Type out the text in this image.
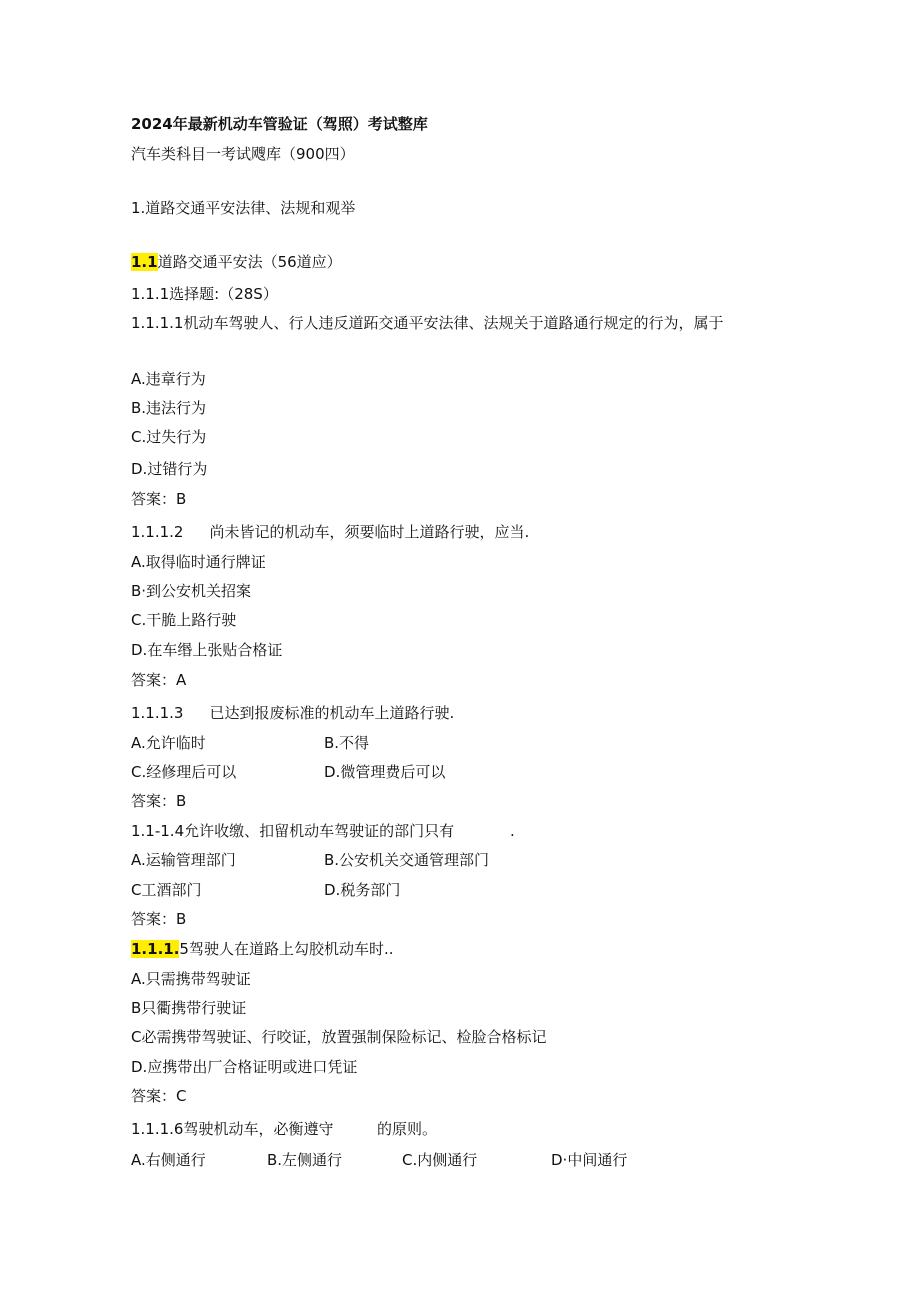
2024年最新机动车管验证（驾照）考试整库
汽车类科目一考试飕库（900四）
1.道路交通平安法律、法规和观举
1.1道路交通平安法（56道应）
1.1.1选择题:（28S）
1.1.1.1机动车驾驶人、行人违反道跖交通平安法律、法规关于道路通行规定的行为，属于
A.违章行为
B.违法行为
C.过失行为
D.过错行为
答案：B
1.1.1.2 尚未皆记的机动车，须要临时上道路行驶，应当.
A.取得临时通行牌证
B·到公安机关招案
C.干脆上路行驶
D.在车缗上张贴合格证
答案：A
1.1.1.3 已达到报废标准的机动车上道路行驶.
A.允许临时	B.不得
C.经修理后可以	D.微管理费后可以
答案：B
1.1-1.4允许收缴、扣留机动车驾驶证的部门只有	.
A.运输管理部门	B.公安机关交通管理部门
C工酒部门	D.税务部门
答案：B
1.1.1.5驾驶人在道路上勾胶机动车时..
A.只需携带驾驶证
B只衢携带行驶证
C必需携带驾驶证、行咬证，放置强制保险标记、检脸合格标记
D.应携带出厂合格证明或进口凭证
答案：C
1.1.1.6驾驶机动车，必衡遵守	的原则。
A.右侧通行	B.左侧通行	C.内侧通行	D·中间通行
